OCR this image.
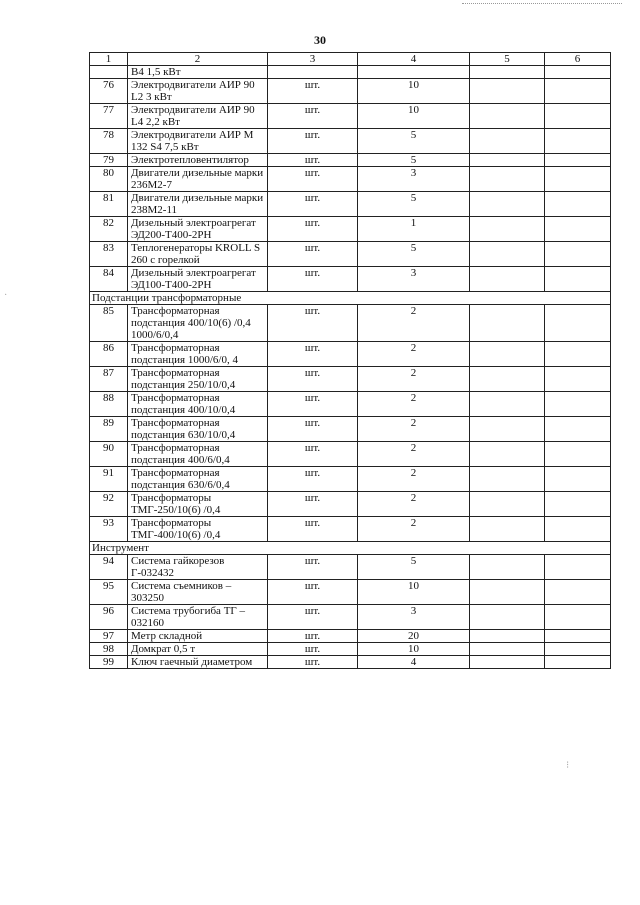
30
1	2	3	4	5	6
	В4 1,5 кВт				
76	Электродвигатели АИР 90 L2 3 кВт	шт.	10		
77	Электродвигатели АИР 90 L4 2,2 кВт	шт.	10		
78	Электродвигатели АИР М 132 S4 7,5 кВт	шт.	5		
79	Электротепловентилятор	шт.	5		
80	Двигатели дизельные марки 236М2-7	шт.	3		
81	Двигатели дизельные марки 238М2-11	шт.	5		
82	Дизельный электроагрегат ЭД200-Т400-2РН	шт.	1		
83	Теплогенераторы KROLL S 260 с горелкой	шт.	5		
84	Дизельный электроагрегат ЭД100-Т400-2РН	шт.	3		
Подстанции трансформаторные					
85	Трансформаторная подстанция 400/10(6) /0,4 1000/6/0,4	шт.	2		
86	Трансформаторная подстанция 1000/6/0, 4	шт.	2		
87	Трансформаторная подстанция 250/10/0,4	шт.	2		
88	Трансформаторная подстанция 400/10/0,4	шт.	2		
89	Трансформаторная подстанция 630/10/0,4	шт.	2		
90	Трансформаторная подстанция 400/6/0,4	шт.	2		
91	Трансформаторная подстанция 630/6/0,4	шт.	2		
92	Трансформаторы ТМГ-250/10(6) /0,4	шт.	2		
93	Трансформаторы ТМГ-400/10(6) /0,4	шт.	2		
Инструмент					
94	Система гайкорезов Г-032432	шт.	5		
95	Система съемников – 303250	шт.	10		
96	Система трубогиба ТГ – 032160	шт.	3		
97	Метр складной	шт.	20		
98	Домкрат 0,5 т	шт.	10		
99	Ключ гаечный диаметром	шт.	4		
·
⁝
